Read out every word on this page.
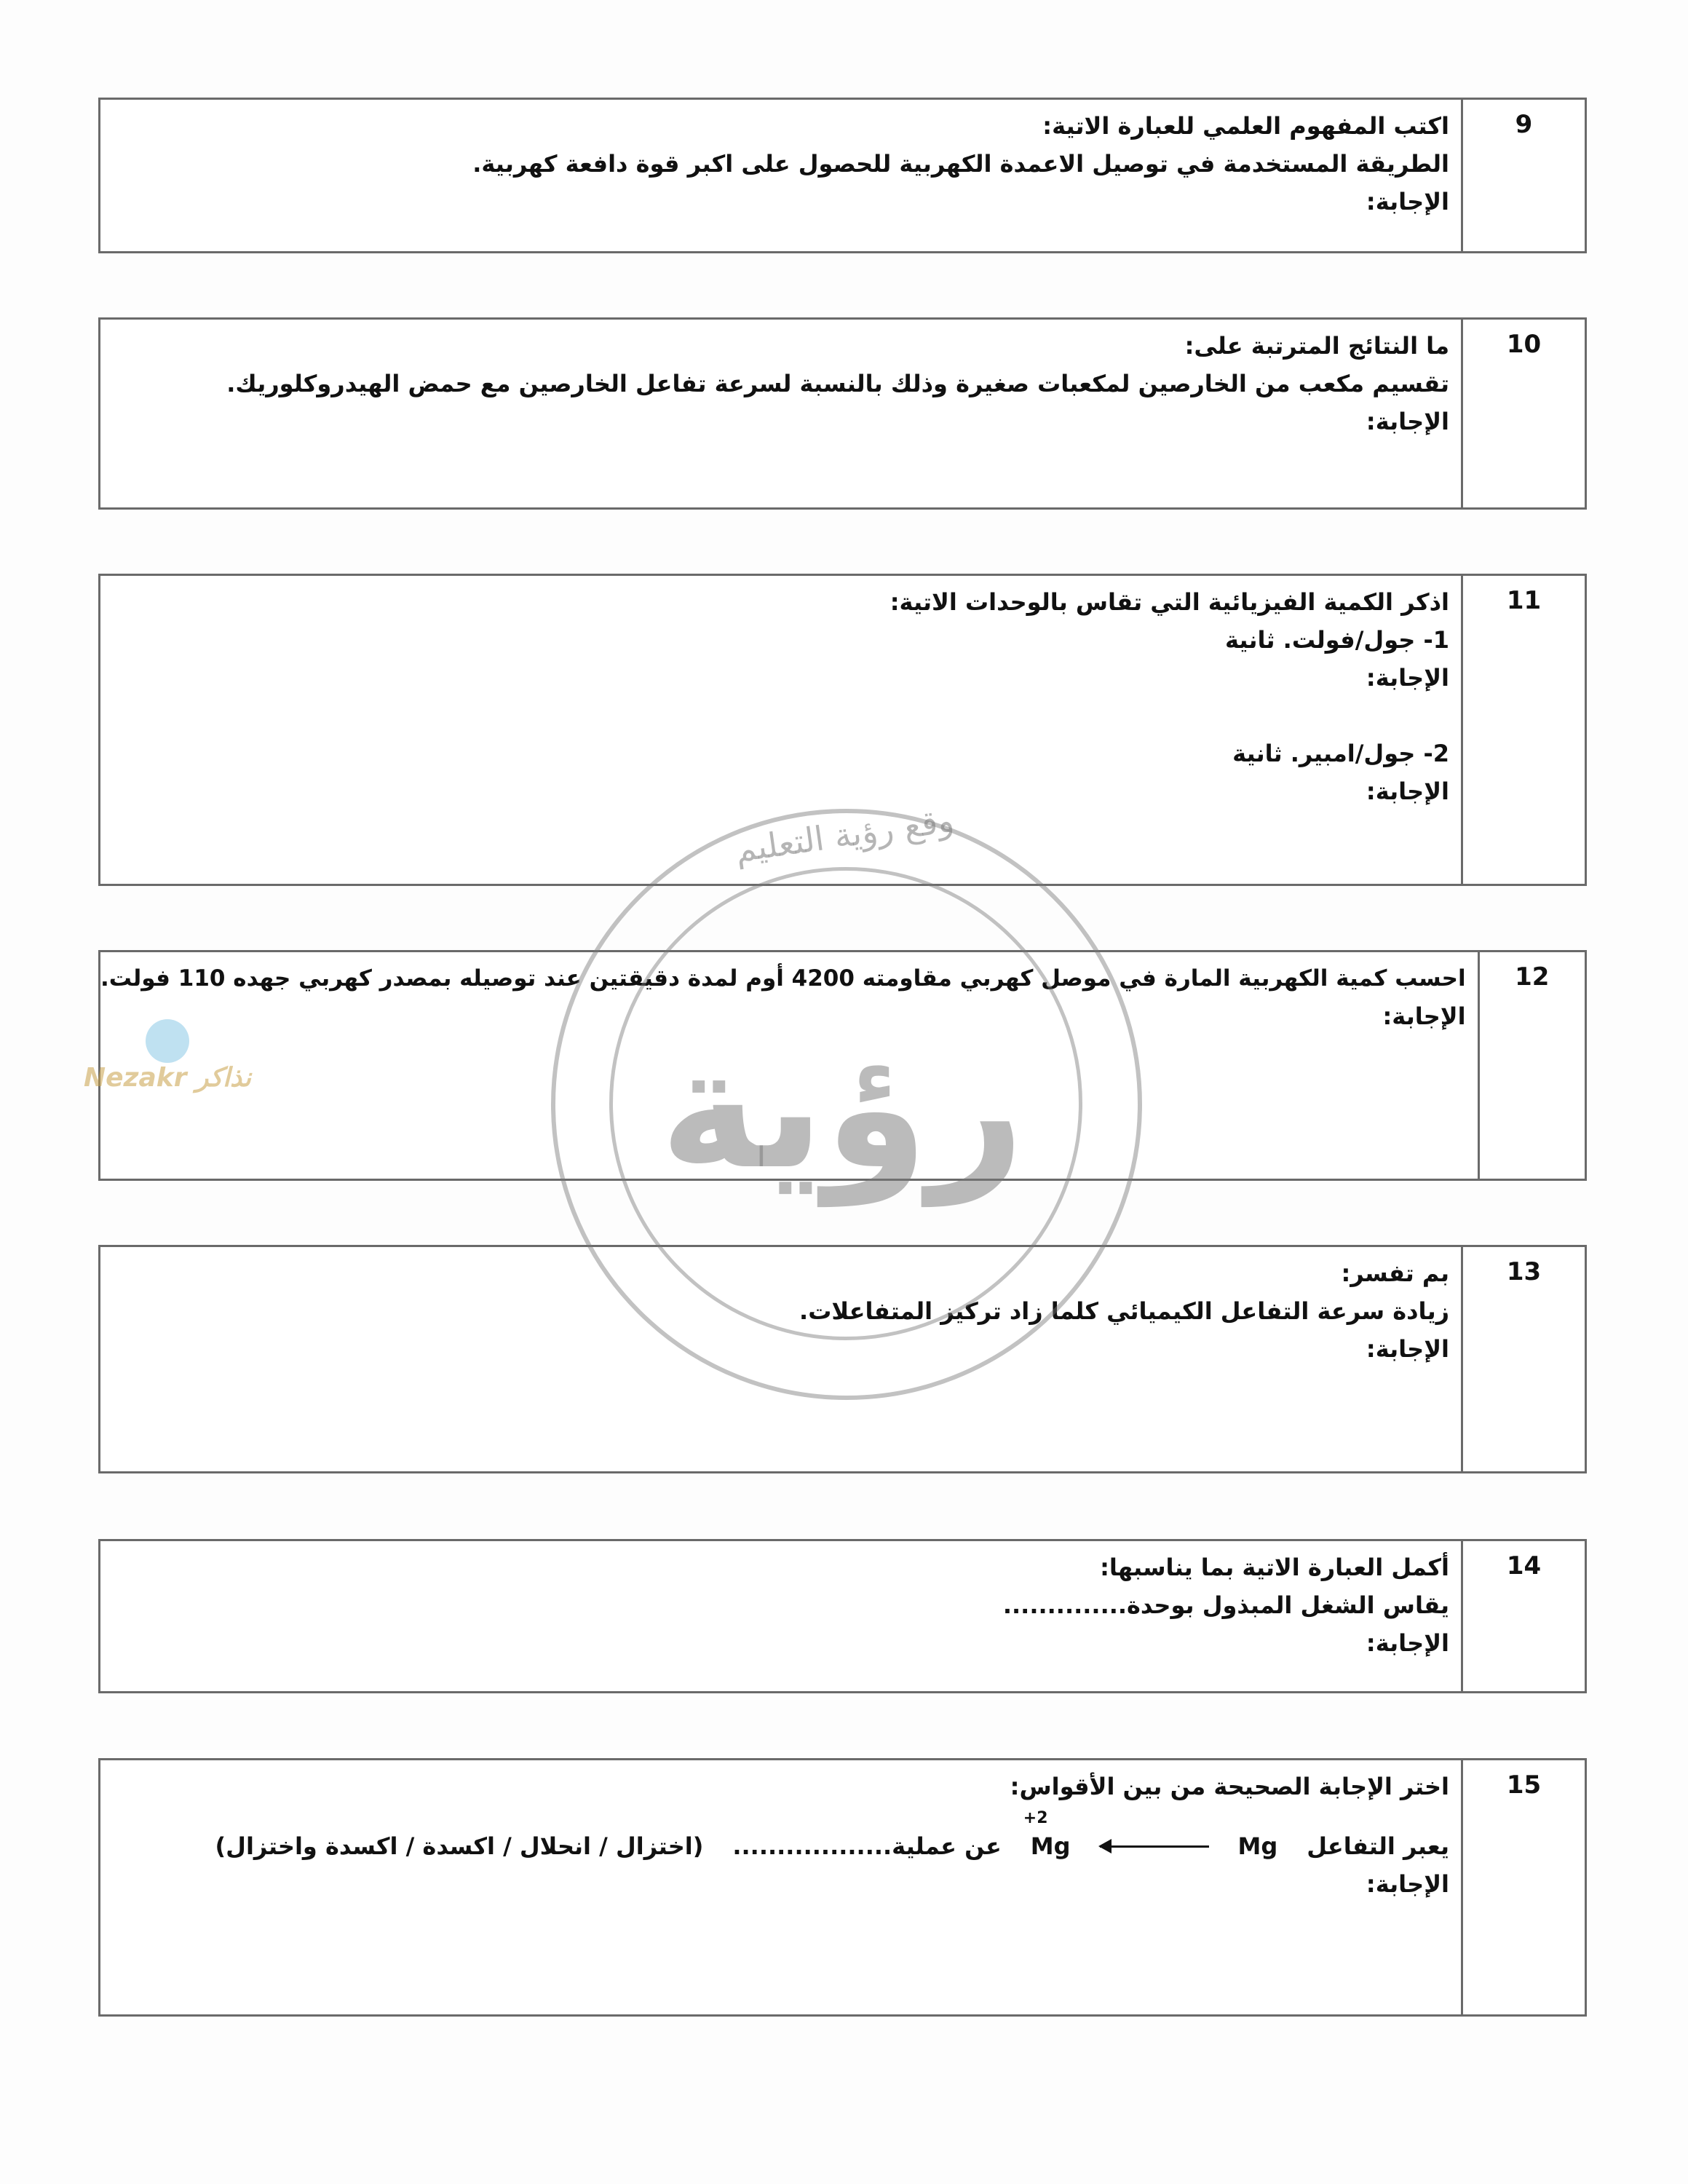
9
اكتب المفهوم العلمي للعبارة الاتية:
الطريقة المستخدمة في توصيل الاعمدة الكهربية للحصول على اكبر قوة دافعة كهربية.
الإجابة:
10
ما النتائج المترتبة على:
تقسيم مكعب من الخارصين لمكعبات صغيرة وذلك بالنسبة لسرعة تفاعل الخارصين مع حمض الهيدروكلوريك.
الإجابة:
11
اذكر الكمية الفيزيائية التي تقاس بالوحدات الاتية:
1- جول/فولت. ثانية
الإجابة:
2- جول/امبير. ثانية
الإجابة:
12
احسب كمية الكهربية المارة في موصل كهربي مقاومته 4200 أوم لمدة دقيقتين عند توصيله بمصدر كهربي جهده 110 فولت.
الإجابة:
13
بم تفسر:
زيادة سرعة التفاعل الكيميائي كلما زاد تركيز المتفاعلات.
الإجابة:
14
أكمل العبارة الاتية بما يناسبها:
يقاس الشغل المبذول بوحدة..............
الإجابة:
15
اختر الإجابة الصحيحة من بين الأقواس:
يعبر التفاعل
Mg
Mg
+2
عن عملية..................
(اختزال / انحلال / اكسدة / اكسدة واختزال)
الإجابة:
وقع رؤية التعليم
رؤية
Nezakr نذاكر
